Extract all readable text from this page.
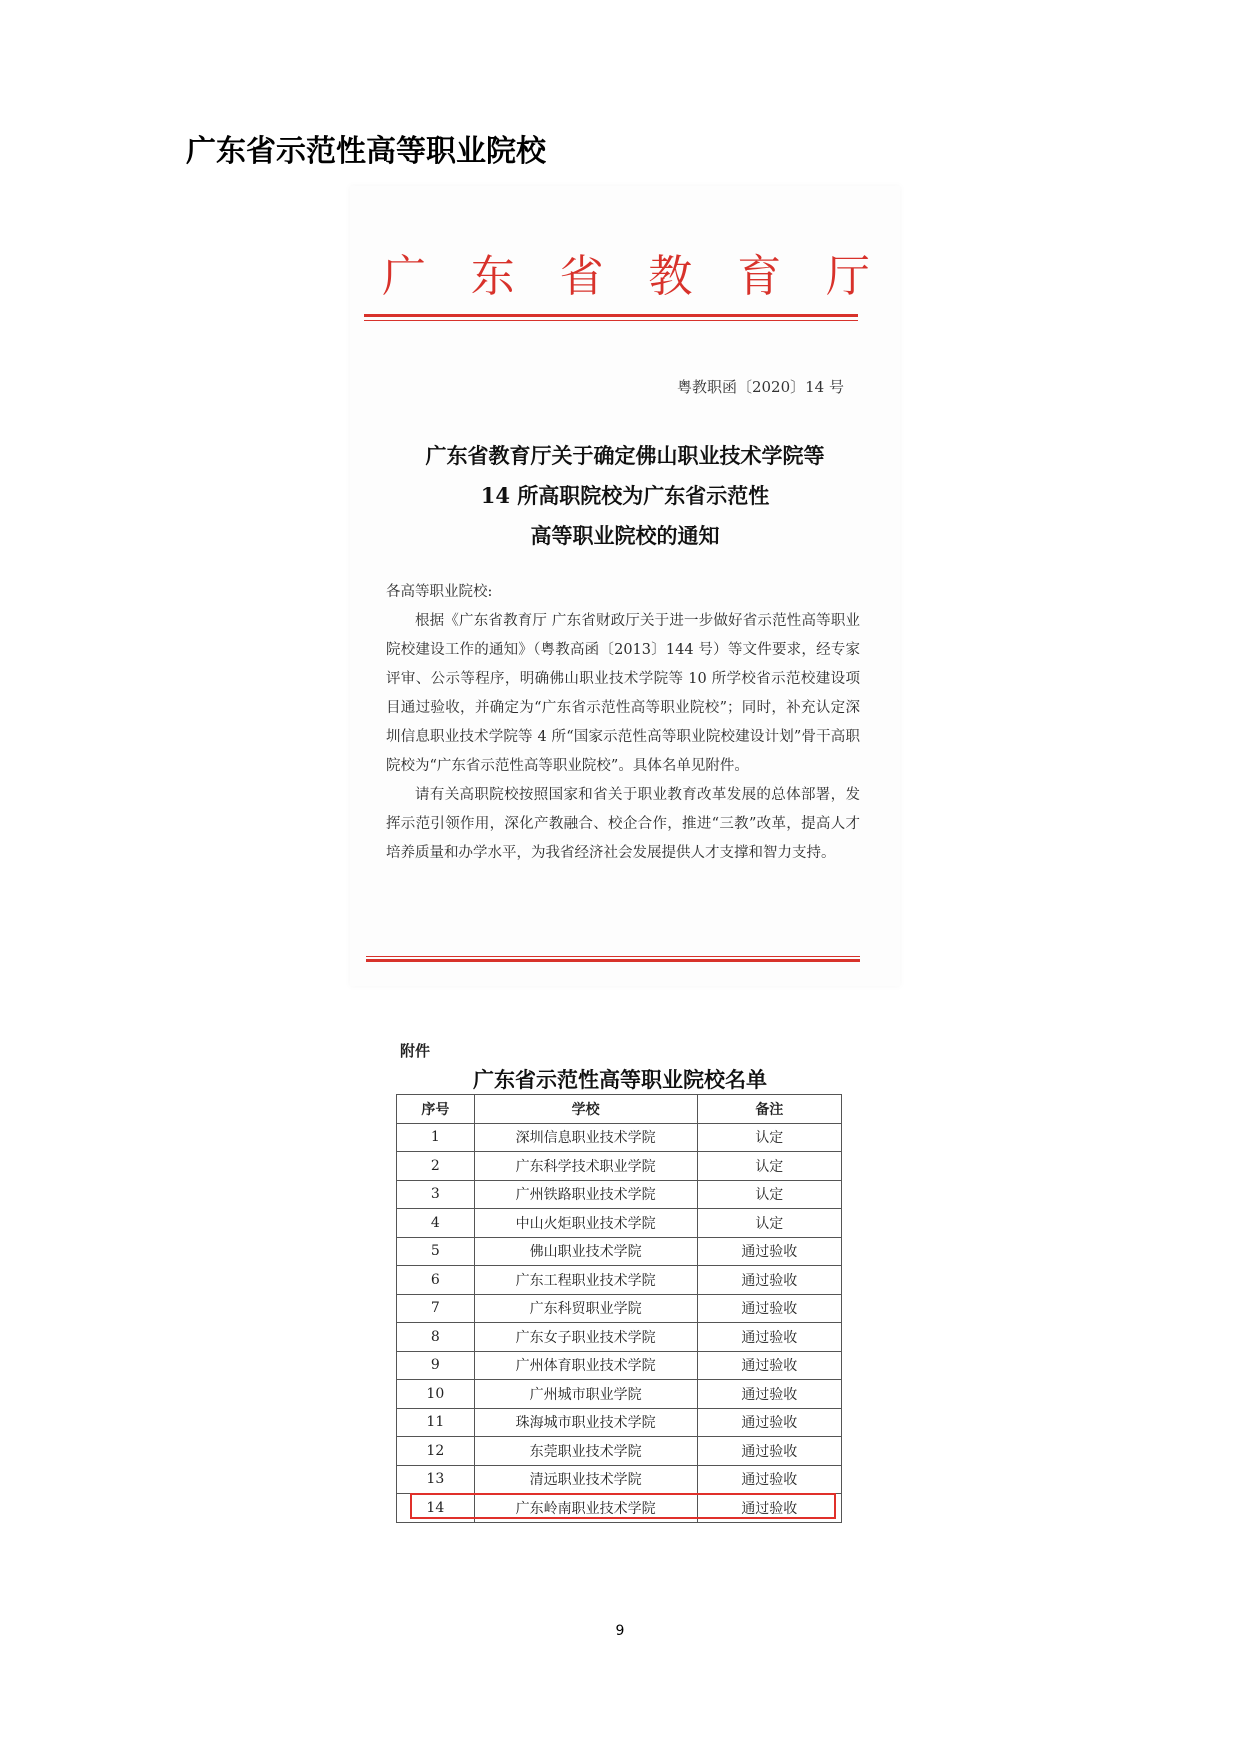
广东省示范性高等职业院校
广 东 省 教 育 厅
粤教职函〔2020〕14 号
广东省教育厅关于确定佛山职业技术学院等
14 所高职院校为广东省示范性
高等职业院校的通知

各高等职业院校:

根据《广东省教育厅 广东省财政厅关于进一步做好省示范性高等职业院校建设工作的通知》（粤教高函〔2013〕144 号）等文件要求，经专家评审、公示等程序，明确佛山职业技术学院等 10 所学校省示范校建设项目通过验收，并确定为“广东省示范性高等职业院校”；同时，补充认定深圳信息职业技术学院等 4 所“国家示范性高等职业院校建设计划”骨干高职院校为“广东省示范性高等职业院校”。具体名单见附件。

请有关高职院校按照国家和省关于职业教育改革发展的总体部署，发挥示范引领作用，深化产教融合、校企合作，推进“三教”改革，提高人才培养质量和办学水平，为我省经济社会发展提供人才支撑和智力支持。

附件
广东省示范性高等职业院校名单
序号	学校	备注
1	深圳信息职业技术学院	认定
2	广东科学技术职业学院	认定
3	广州铁路职业技术学院	认定
4	中山火炬职业技术学院	认定
5	佛山职业技术学院	通过验收
6	广东工程职业技术学院	通过验收
7	广东科贸职业学院	通过验收
8	广东女子职业技术学院	通过验收
9	广州体育职业技术学院	通过验收
10	广州城市职业学院	通过验收
11	珠海城市职业技术学院	通过验收
12	东莞职业技术学院	通过验收
13	清远职业技术学院	通过验收
14	广东岭南职业技术学院	通过验收
9
